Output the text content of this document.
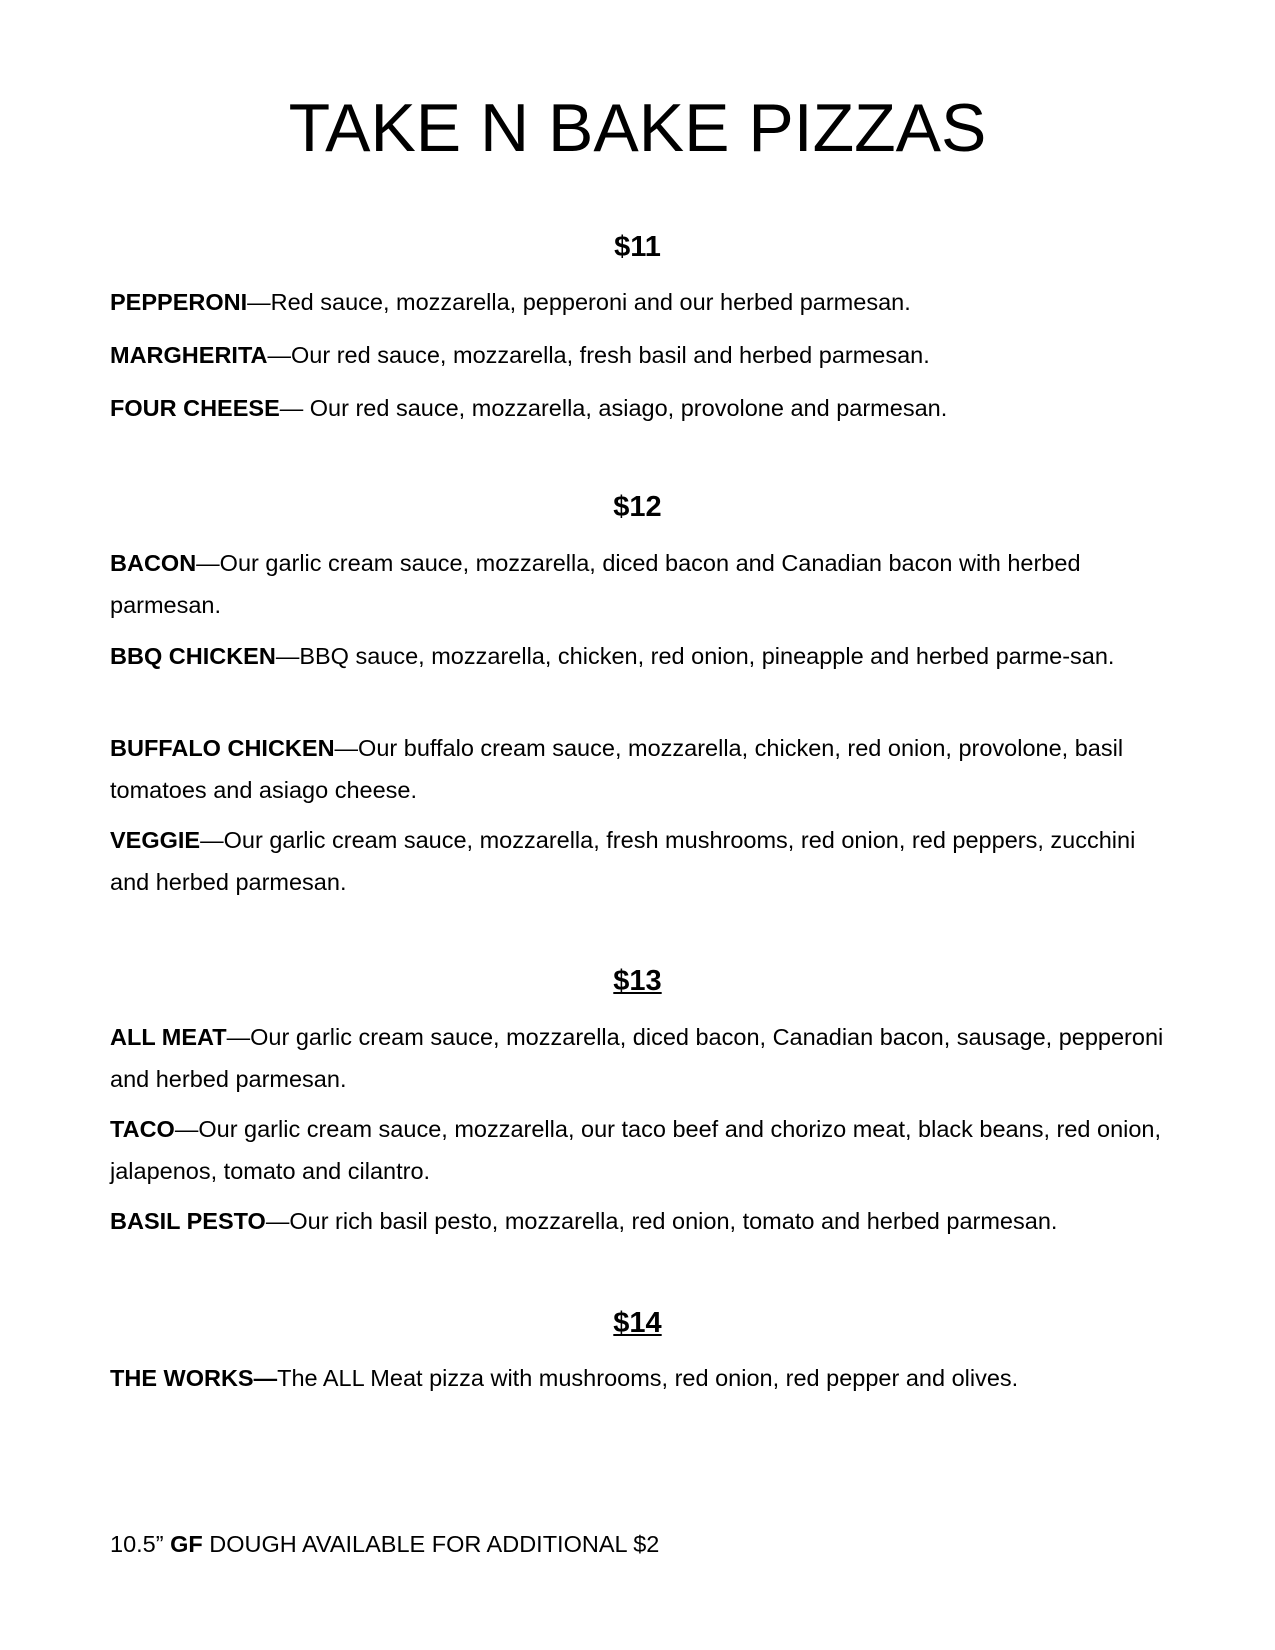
TAKE N BAKE PIZZAS
$11

PEPPERONI—Red sauce, mozzarella, pepperoni and our herbed parmesan.

MARGHERITA—Our red sauce, mozzarella, fresh basil and herbed parmesan.

FOUR CHEESE— Our red sauce, mozzarella, asiago, provolone and parmesan.

$12

BACON—Our garlic cream sauce, mozzarella, diced bacon and Canadian bacon with herbed parmesan.

BBQ CHICKEN—BBQ sauce, mozzarella, chicken, red onion, pineapple and herbed parme-san.

BUFFALO CHICKEN—Our buffalo cream sauce, mozzarella, chicken, red onion, provolone, basil tomatoes and asiago cheese.

VEGGIE—Our garlic cream sauce, mozzarella, fresh mushrooms, red onion, red peppers, zucchini and herbed parmesan.

$13

ALL MEAT—Our garlic cream sauce, mozzarella, diced bacon, Canadian bacon, sausage, pepperoni and herbed parmesan.

TACO—Our garlic cream sauce, mozzarella, our taco beef and chorizo meat, black beans, red onion, jalapenos, tomato and cilantro.

BASIL PESTO—Our rich basil pesto, mozzarella, red onion, tomato and herbed parmesan.

$14

THE WORKS—The ALL Meat pizza with mushrooms, red onion, red pepper and olives.

10.5” GF DOUGH AVAILABLE FOR ADDITIONAL $2
